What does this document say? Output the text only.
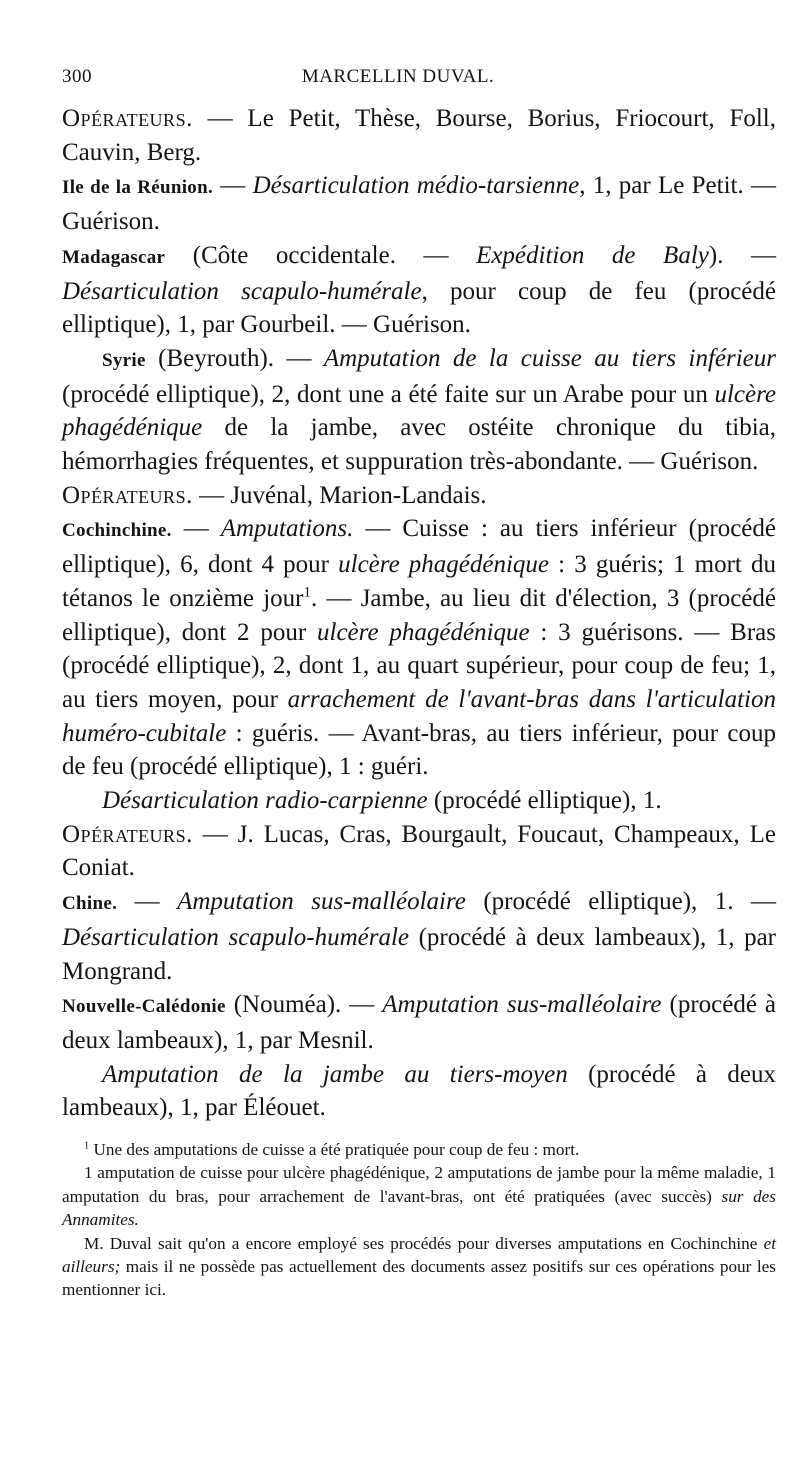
300	MARCELLIN DUVAL.

Opérateurs. — Le Petit, Thèse, Bourse, Borius, Friocourt, Foll, Cauvin, Berg.

Ile de la Réunion. — Désarticulation médio-tarsienne, 1, par Le Petit. — Guérison.

Madagascar (Côte occidentale. — Expédition de Baly). — Désarticulation scapulo-humérale, pour coup de feu (procédé elliptique), 1, par Gourbeil. — Guérison.

Syrie (Beyrouth). — Amputation de la cuisse au tiers inférieur (procédé elliptique), 2, dont une a été faite sur un Arabe pour un ulcère phagédénique de la jambe, avec ostéite chronique du tibia, hémorrhagies fréquentes, et suppuration très-abondante. — Guérison.

Opérateurs. — Juvénal, Marion-Landais.

Cochinchine. — Amputations. — Cuisse : au tiers inférieur (procédé elliptique), 6, dont 4 pour ulcère phagédénique : 3 guéris; 1 mort du tétanos le onzième jour$^1$. — Jambe, au lieu dit d'élection, 3 (procédé elliptique), dont 2 pour ulcère phagédénique : 3 guérisons. — Bras (procédé elliptique), 2, dont 1, au quart supérieur, pour coup de feu; 1, au tiers moyen, pour arrachement de l'avant-bras dans l'articulation huméro-cubitale : guéris. — Avant-bras, au tiers inférieur, pour coup de feu (procédé elliptique), 1 : guéri.

Désarticulation radio-carpienne (procédé elliptique), 1.

Opérateurs. — J. Lucas, Cras, Bourgault, Foucaut, Champeaux, Le Coniat.

Chine. — Amputation sus-malléolaire (procédé elliptique), 1. — Désarticulation scapulo-humérale (procédé à deux lambeaux), 1, par Mongrand.

Nouvelle-Calédonie (Nouméa). — Amputation sus-malléolaire (procédé à deux lambeaux), 1, par Mesnil.

Amputation de la jambe au tiers-moyen (procédé à deux lambeaux), 1, par Éléouet.

$^1$ Une des amputations de cuisse a été pratiquée pour coup de feu : mort.

1 amputation de cuisse pour ulcère phagédénique, 2 amputations de jambe pour la même maladie, 1 amputation du bras, pour arrachement de l'avant-bras, ont été pratiquées (avec succès) sur des Annamites.

M. Duval sait qu'on a encore employé ses procédés pour diverses amputations en Cochinchine et ailleurs; mais il ne possède pas actuellement des documents assez positifs sur ces opérations pour les mentionner ici.
